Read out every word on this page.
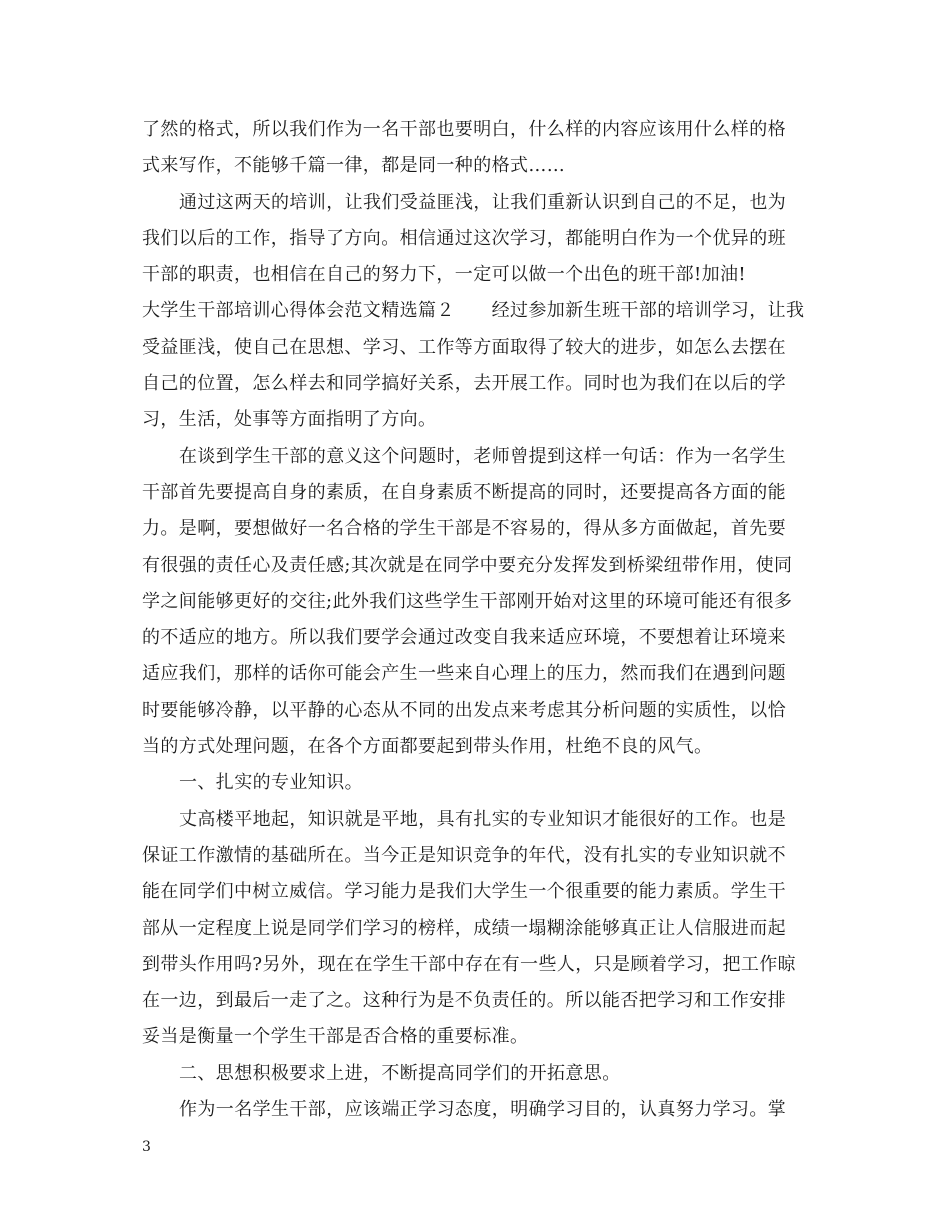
了然的格式，所以我们作为一名干部也要明白，什么样的内容应该用什么样的格
式来写作，不能够千篇一律，都是同一种的格式……
通过这两天的培训，让我们受益匪浅，让我们重新认识到自己的不足，也为
我们以后的工作，指导了方向。相信通过这次学习，都能明白作为一个优异的班
干部的职责，也相信在自己的努力下，一定可以做一个出色的班干部!加油!
大学生干部培训心得体会范文精选篇２　　经过参加新生班干部的培训学习，让我
受益匪浅，使自己在思想、学习、工作等方面取得了较大的进步，如怎么去摆在
自己的位置，怎么样去和同学搞好关系，去开展工作。同时也为我们在以后的学
习，生活，处事等方面指明了方向。
在谈到学生干部的意义这个问题时，老师曾提到这样一句话：作为一名学生
干部首先要提高自身的素质，在自身素质不断提高的同时，还要提高各方面的能
力。是啊，要想做好一名合格的学生干部是不容易的，得从多方面做起，首先要
有很强的责任心及责任感;其次就是在同学中要充分发挥发到桥梁纽带作用，使同
学之间能够更好的交往;此外我们这些学生干部刚开始对这里的环境可能还有很多
的不适应的地方。所以我们要学会通过改变自我来适应环境，不要想着让环境来
适应我们，那样的话你可能会产生一些来自心理上的压力，然而我们在遇到问题
时要能够冷静，以平静的心态从不同的出发点来考虑其分析问题的实质性，以恰
当的方式处理问题，在各个方面都要起到带头作用，杜绝不良的风气。
一、扎实的专业知识。
丈高楼平地起，知识就是平地，具有扎实的专业知识才能很好的工作。也是
保证工作激情的基础所在。当今正是知识竞争的年代，没有扎实的专业知识就不
能在同学们中树立威信。学习能力是我们大学生一个很重要的能力素质。学生干
部从一定程度上说是同学们学习的榜样，成绩一塌糊涂能够真正让人信服进而起
到带头作用吗?另外，现在在学生干部中存在有一些人，只是顾着学习，把工作晾
在一边，到最后一走了之。这种行为是不负责任的。所以能否把学习和工作安排
妥当是衡量一个学生干部是否合格的重要标准。
二、思想积极要求上进，不断提高同学们的开拓意思。
作为一名学生干部，应该端正学习态度，明确学习目的，认真努力学习。掌
3
